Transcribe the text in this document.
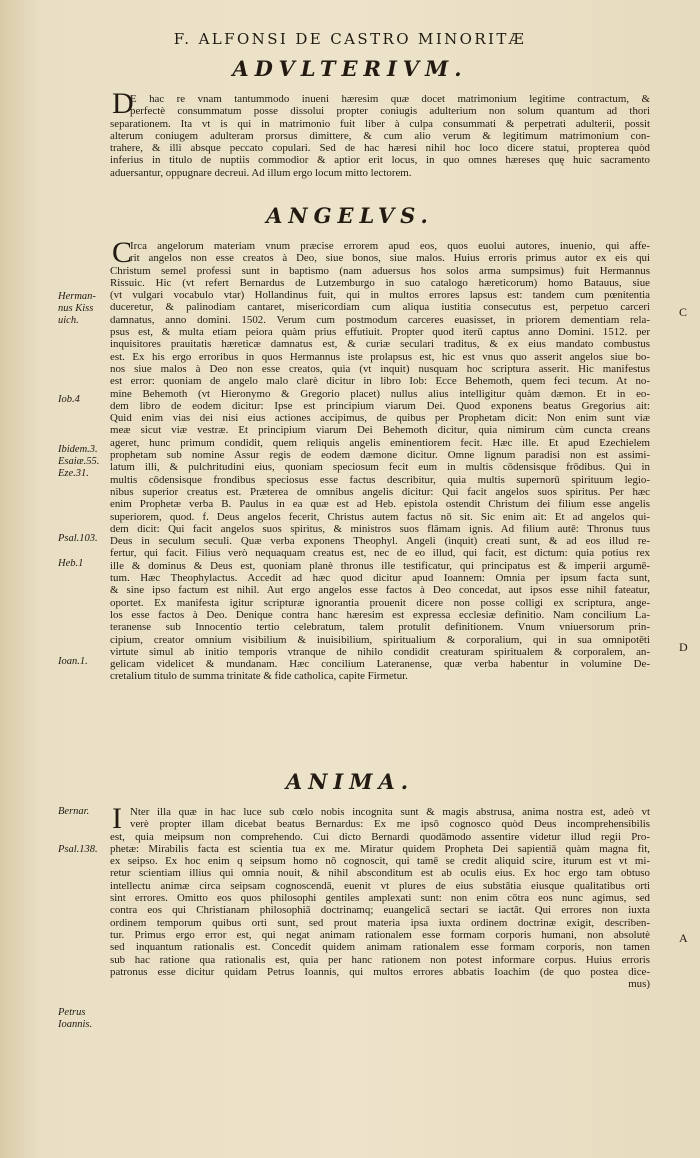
F. ALFONSI DE CASTRO MINORITÆ
ADVLTERIVM.
D
E hac re vnam tantummodo inueni hæresim quæ docet matrimonium legitime contractum, &
perfectè consummatum posse dissolui propter coniugis adulterium non solum quantum ad thori
separationem. Ita vt is qui in matrimonio fuit liber à culpa consummati & perpetrati adulterii, possit
alterum coniugem adulteram prorsus dimittere, & cum alio verum & legitimum matrimonium con-
trahere, & illi absque peccato copulari. Sed de hac hæresi nihil hoc loco dicere statui, propterea quòd
inferius in titulo de nuptiis commodior & aptior erit locus, in quo omnes hæreses quę huic sacramento
aduersantur, oppugnare decreui. Ad illum ergo locum mitto lectorem.
ANGELVS.
C
Irca angelorum materiam vnum præcise errorem apud eos, quos euolui autores, inuenio, qui affe-
rit angelos non esse creatos à Deo, siue bonos, siue malos. Huius erroris primus autor ex eis qui
Christum semel professi sunt in baptismo (nam aduersus hos solos arma sumpsimus) fuit Hermannus
Rissuic. Hic (vt refert Bernardus de Lutzemburgo in suo catalogo hæreticorum) homo Batauus, siue
(vt vulgari vocabulo vtar) Hollandinus fuit, qui in multos errores lapsus est: tandem cum pœnitentia
duceretur, & palinodiam cantaret, misericordiam cum aliqua iustitia consecutus est, perpetuo carceri
damnatus, anno domini. 1502. Verum cum postmodum carceres euasisset, in priorem dementiam rela-
psus est, & multa etiam peiora quàm prius effutiuit. Propter quod iterū captus anno Domini. 1512. per
inquisitores prauitatis hæreticæ damnatus est, & curiæ seculari traditus, & ex eius mandato combustus
est. Ex his ergo erroribus in quos Hermannus iste prolapsus est, hic est vnus quo asserit angelos siue bo-
nos siue malos à Deo non esse creatos, quia (vt inquit) nusquam hoc scriptura asserit. Hic manifestus
est error: quoniam de angelo malo clarè dicitur in libro Iob: Ecce Behemoth, quem feci tecum. At no-
mine Behemoth (vt Hieronymo & Gregorio placet) nullus alius intelligitur quàm dæmon. Et in eo-
dem libro de eodem dicitur: Ipse est principium viarum Dei. Quod exponens beatus Gregorius ait:
Quid enim vias dei nisi eius actiones accipimus, de quibus per Prophetam dicit: Non enim sunt viæ
meæ sicut viæ vestræ. Et principium viarum Dei Behemoth dicitur, quia nimirum cùm cuncta creans
ageret, hunc primum condidit, quem reliquis angelis eminentiorem fecit. Hæc ille. Et apud Ezechielem
prophetam sub nomine Assur regis de eodem dæmone dicitur. Omne lignum paradisi non est assimi-
latum illi, & pulchritudini eius, quoniam speciosum fecit eum in multis cōdensisque frōdibus. Qui in
multis cōdensisque frondibus speciosus esse factus describitur, quia multis supernorū spirituum legio-
nibus superior creatus est. Præterea de omnibus angelis dicitur: Qui facit angelos suos spiritus. Per hæc
enim Prophetæ verba B. Paulus in ea quæ est ad Heb. epistola ostendit Christum dei filium esse angelis
superiorem, quod. f. Deus angelos fecerit, Christus autem factus nō sit. Sic enim ait: Et ad angelos qui-
dem dicit: Qui facit angelos suos spiritus, & ministros suos flāmam ignis. Ad filium autē: Thronus tuus
Deus in seculum seculi. Quæ verba exponens Theophyl. Angeli (inquit) creati sunt, & ad eos illud re-
fertur, qui facit. Filius verò nequaquam creatus est, nec de eo illud, qui facit, est dictum: quia potius rex
ille & dominus & Deus est, quoniam planè thronus ille testificatur, qui principatus est & imperii argumē-
tum. Hæc Theophylactus. Accedit ad hæc quod dicitur apud Ioannem: Omnia per ipsum facta sunt,
& sine ipso factum est nihil. Aut ergo angelos esse factos à Deo concedat, aut ipsos esse nihil fateatur,
oportet. Ex manifesta igitur scripturæ ignorantia prouenit dicere non posse colligi ex scriptura, ange-
los esse factos à Deo. Denique contra hanc hæresim est expressa ecclesiæ definitio. Nam concilium La-
teranense sub Innocentio tertio celebratum, talem protulit definitionem. Vnum vniuersorum prin-
cipium, creator omnium visibilium & inuisibilium, spiritualium & corporalium, qui in sua omnipotēti
virtute simul ab initio temporis vtranque de nihilo condidit creaturam spiritualem & corporalem, an-
gelicam videlicet & mundanam. Hæc concilium Lateranense, quæ verba habentur in volumine De-
cretalium titulo de summa trinitate & fide catholica, capite Firmetur.
ANIMA.
I Nter illa quæ in hac luce sub cœlo nobis incognita sunt & magis abstrusa, anima nostra est, adeò vt
verè propter illam dicebat beatus Bernardus: Ex me ipsō cognosco quòd Deus incomprehensibilis
est, quia meipsum non comprehendo. Cui dicto Bernardi quodāmodo assentire videtur illud regii Pro-
phetæ: Mirabilis facta est scientia tua ex me. Miratur quidem Propheta Dei sapientiā quàm magna fit,
ex seipso. Ex hoc enim q seipsum homo nō cognoscit, qui tamē se credit aliquid scire, iturum est vt mi-
retur scientiam illius qui omnia nouit, & nihil absconditum est ab oculis eius. Ex hoc ergo tam obtuso
intellectu animæ circa seipsam cognoscendā, euenit vt plures de eius substātia eiusque qualitatibus orti
sint errores. Omitto eos quos philosophi gentiles amplexati sunt: non enim cōtra eos nunc agimus, sed
contra eos qui Christianam philosophiā doctrinamq; euangelicā sectari se iactāt. Qui errores non iuxta
ordinem temporum quibus orti sunt, sed prout materia ipsa iuxta ordinem doctrinæ exigit, describen-
tur. Primus ergo error est, qui negat animam rationalem esse formam corporis humani, non absolutè
sed inquantum rationalis est. Concedit quidem animam rationalem esse formam corporis, non tamen
sub hac ratione qua rationalis est, quia per hanc rationem non potest informare corpus. Huius erroris
patronus esse dicitur quidam Petrus Ioannis, qui multos errores abbatis Ioachim (de quo postea dice-
mus)
Herman-
nus Kiss
uich.
Iob.4
Ibidem.3.
Esaiæ.55.
Eze.31.
Psal.103.
Heb.1
Ioan.1.
Bernar.
Psal.138.
Petrus
Ioannis.
C
D
A
